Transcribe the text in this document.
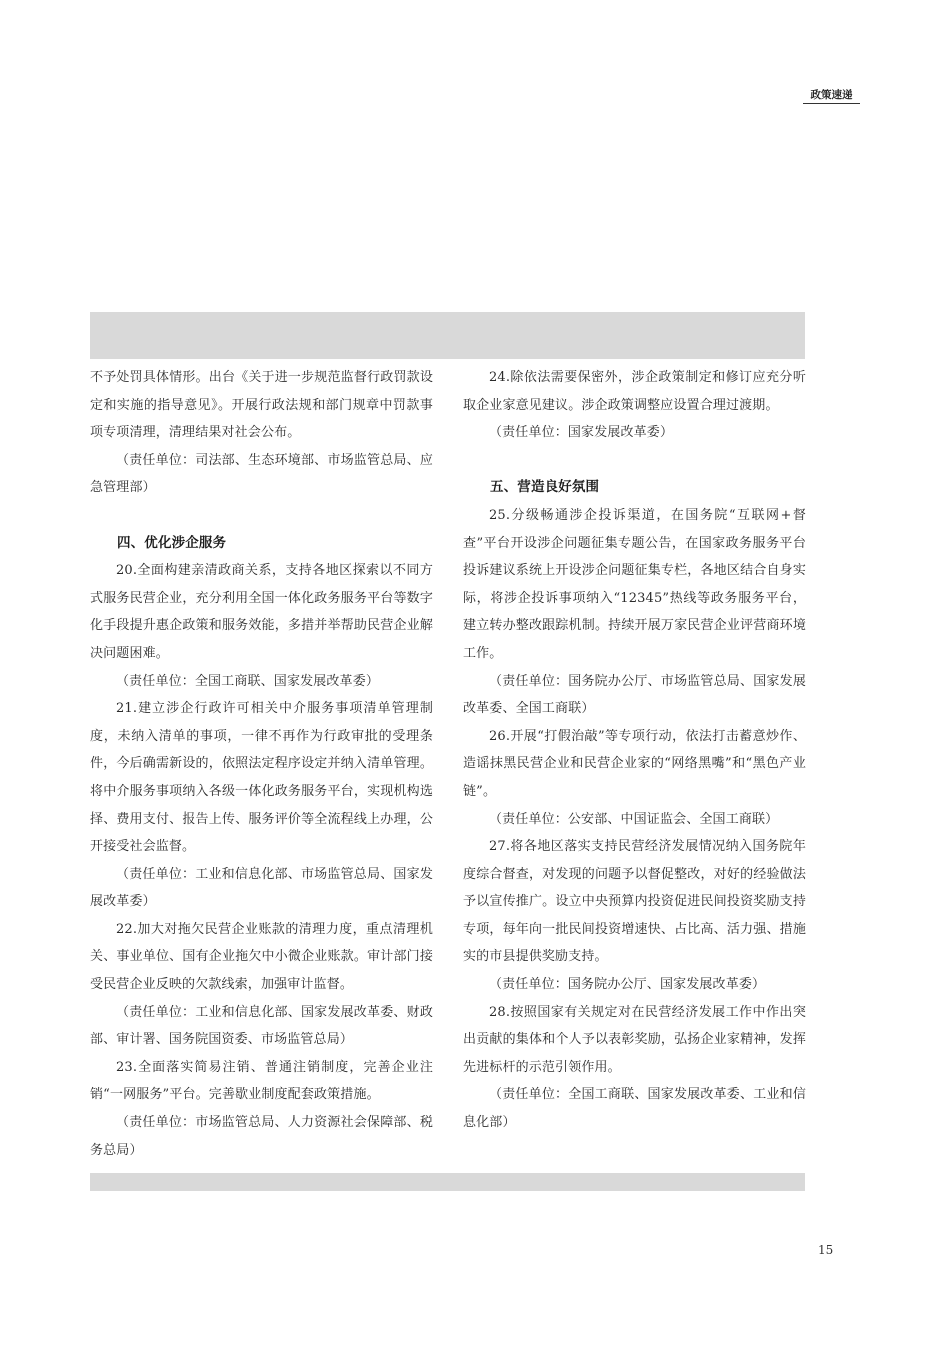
政策速递

不予处罚具体情形。出台《关于进一步规范监督行政罚款设定和实施的指导意见》。开展行政法规和部门规章中罚款事项专项清理，清理结果对社会公布。

（责任单位：司法部、生态环境部、市场监管总局、应急管理部）

四、优化涉企服务

20.全面构建亲清政商关系，支持各地区探索以不同方式服务民营企业，充分利用全国一体化政务服务平台等数字化手段提升惠企政策和服务效能，多措并举帮助民营企业解决问题困难。

（责任单位：全国工商联、国家发展改革委）

21.建立涉企行政许可相关中介服务事项清单管理制度，未纳入清单的事项，一律不再作为行政审批的受理条件，今后确需新设的，依照法定程序设定并纳入清单管理。将中介服务事项纳入各级一体化政务服务平台，实现机构选择、费用支付、报告上传、服务评价等全流程线上办理，公开接受社会监督。

（责任单位：工业和信息化部、市场监管总局、国家发展改革委）

22.加大对拖欠民营企业账款的清理力度，重点清理机关、事业单位、国有企业拖欠中小微企业账款。审计部门接受民营企业反映的欠款线索，加强审计监督。

（责任单位：工业和信息化部、国家发展改革委、财政部、审计署、国务院国资委、市场监管总局）

23.全面落实简易注销、普通注销制度，完善企业注销“一网服务”平台。完善歇业制度配套政策措施。

（责任单位：市场监管总局、人力资源社会保障部、税务总局）

24.除依法需要保密外，涉企政策制定和修订应充分听取企业家意见建议。涉企政策调整应设置合理过渡期。

（责任单位：国家发展改革委）

五、营造良好氛围

25.分级畅通涉企投诉渠道，在国务院“互联网+督查”平台开设涉企问题征集专题公告，在国家政务服务平台投诉建议系统上开设涉企问题征集专栏，各地区结合自身实际，将涉企投诉事项纳入“12345”热线等政务服务平台，建立转办整改跟踪机制。持续开展万家民营企业评营商环境工作。

（责任单位：国务院办公厅、市场监管总局、国家发展改革委、全国工商联）

26.开展“打假治敲”等专项行动，依法打击蓄意炒作、造谣抹黑民营企业和民营企业家的“网络黑嘴”和“黑色产业链”。

（责任单位：公安部、中国证监会、全国工商联）

27.将各地区落实支持民营经济发展情况纳入国务院年度综合督查，对发现的问题予以督促整改，对好的经验做法予以宣传推广。设立中央预算内投资促进民间投资奖励支持专项，每年向一批民间投资增速快、占比高、活力强、措施实的市县提供奖励支持。

（责任单位：国务院办公厅、国家发展改革委）

28.按照国家有关规定对在民营经济发展工作中作出突出贡献的集体和个人予以表彰奖励，弘扬企业家精神，发挥先进标杆的示范引领作用。

（责任单位：全国工商联、国家发展改革委、工业和信息化部）

15
